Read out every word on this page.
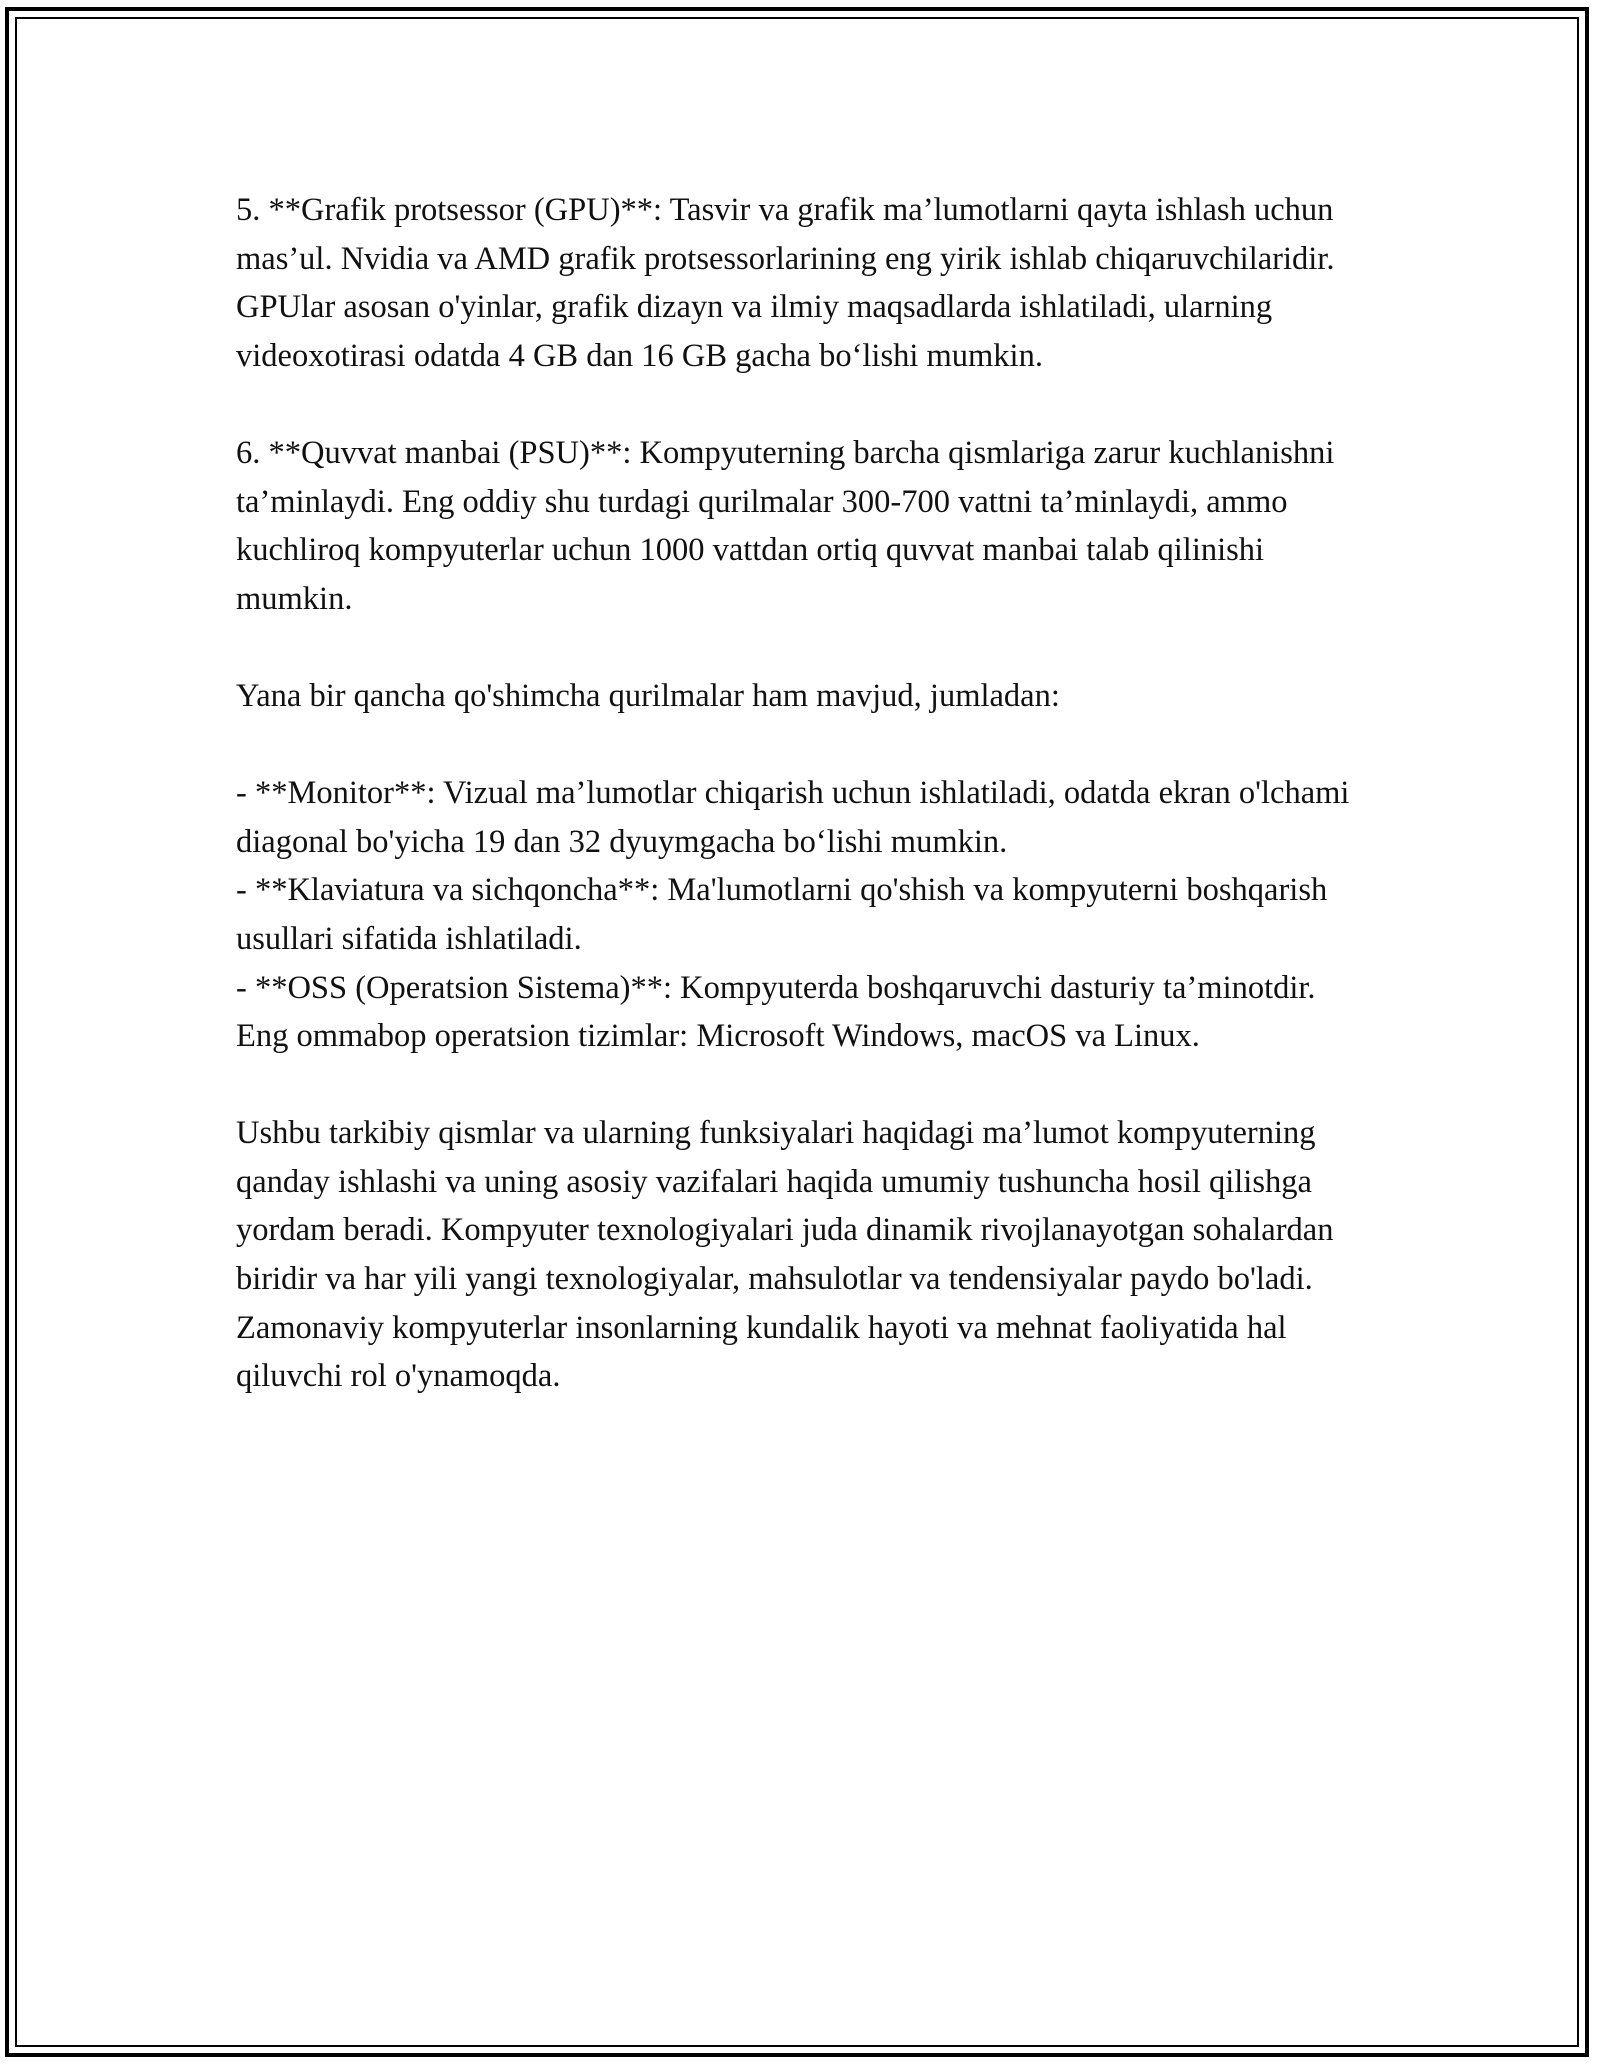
5. **Grafik protsessor (GPU)**: Tasvir va grafik ma’lumotlarni qayta ishlash uchun mas’ul. Nvidia va AMD grafik protsessorlarining eng yirik ishlab chiqaruvchilaridir. GPUlar asosan o'yinlar, grafik dizayn va ilmiy maqsadlarda ishlatiladi, ularning videoxotirasi odatda 4 GB dan 16 GB gacha bo‘lishi mumkin.

6. **Quvvat manbai (PSU)**: Kompyuterning barcha qismlariga zarur kuchlanishni ta’minlaydi. Eng oddiy shu turdagi qurilmalar 300-700 vattni ta’minlaydi, ammo kuchliroq kompyuterlar uchun 1000 vattdan ortiq quvvat manbai talab qilinishi mumkin.

Yana bir qancha qo'shimcha qurilmalar ham mavjud, jumladan:

- **Monitor**: Vizual ma’lumotlar chiqarish uchun ishlatiladi, odatda ekran o'lchami diagonal bo'yicha 19 dan 32 dyuymgacha bo‘lishi mumkin.
- **Klaviatura va sichqoncha**: Ma'lumotlarni qo'shish va kompyuterni boshqarish usullari sifatida ishlatiladi.
- **OSS (Operatsion Sistema)**: Kompyuterda boshqaruvchi dasturiy ta’minotdir. Eng ommabop operatsion tizimlar: Microsoft Windows, macOS va Linux.

Ushbu tarkibiy qismlar va ularning funksiyalari haqidagi ma’lumot kompyuterning qanday ishlashi va uning asosiy vazifalari haqida umumiy tushuncha hosil qilishga yordam beradi. Kompyuter texnologiyalari juda dinamik rivojlanayotgan sohalardan biridir va har yili yangi texnologiyalar, mahsulotlar va tendensiyalar paydo bo'ladi. Zamonaviy kompyuterlar insonlarning kundalik hayoti va mehnat faoliyatida hal qiluvchi rol o'ynamoqda.
